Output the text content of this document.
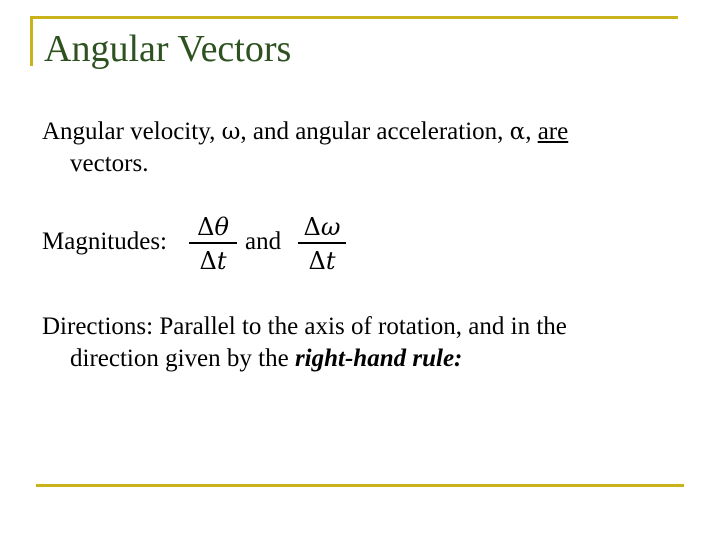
Angular Vectors
Angular velocity, ω, and angular acceleration, α, are
vectors.
Magnitudes: $\frac{\Delta\theta}{\Delta t}$ and $\frac{\Delta\omega}{\Delta t}$
Directions: Parallel to the axis of rotation, and in the
direction given by the right-hand rule:
